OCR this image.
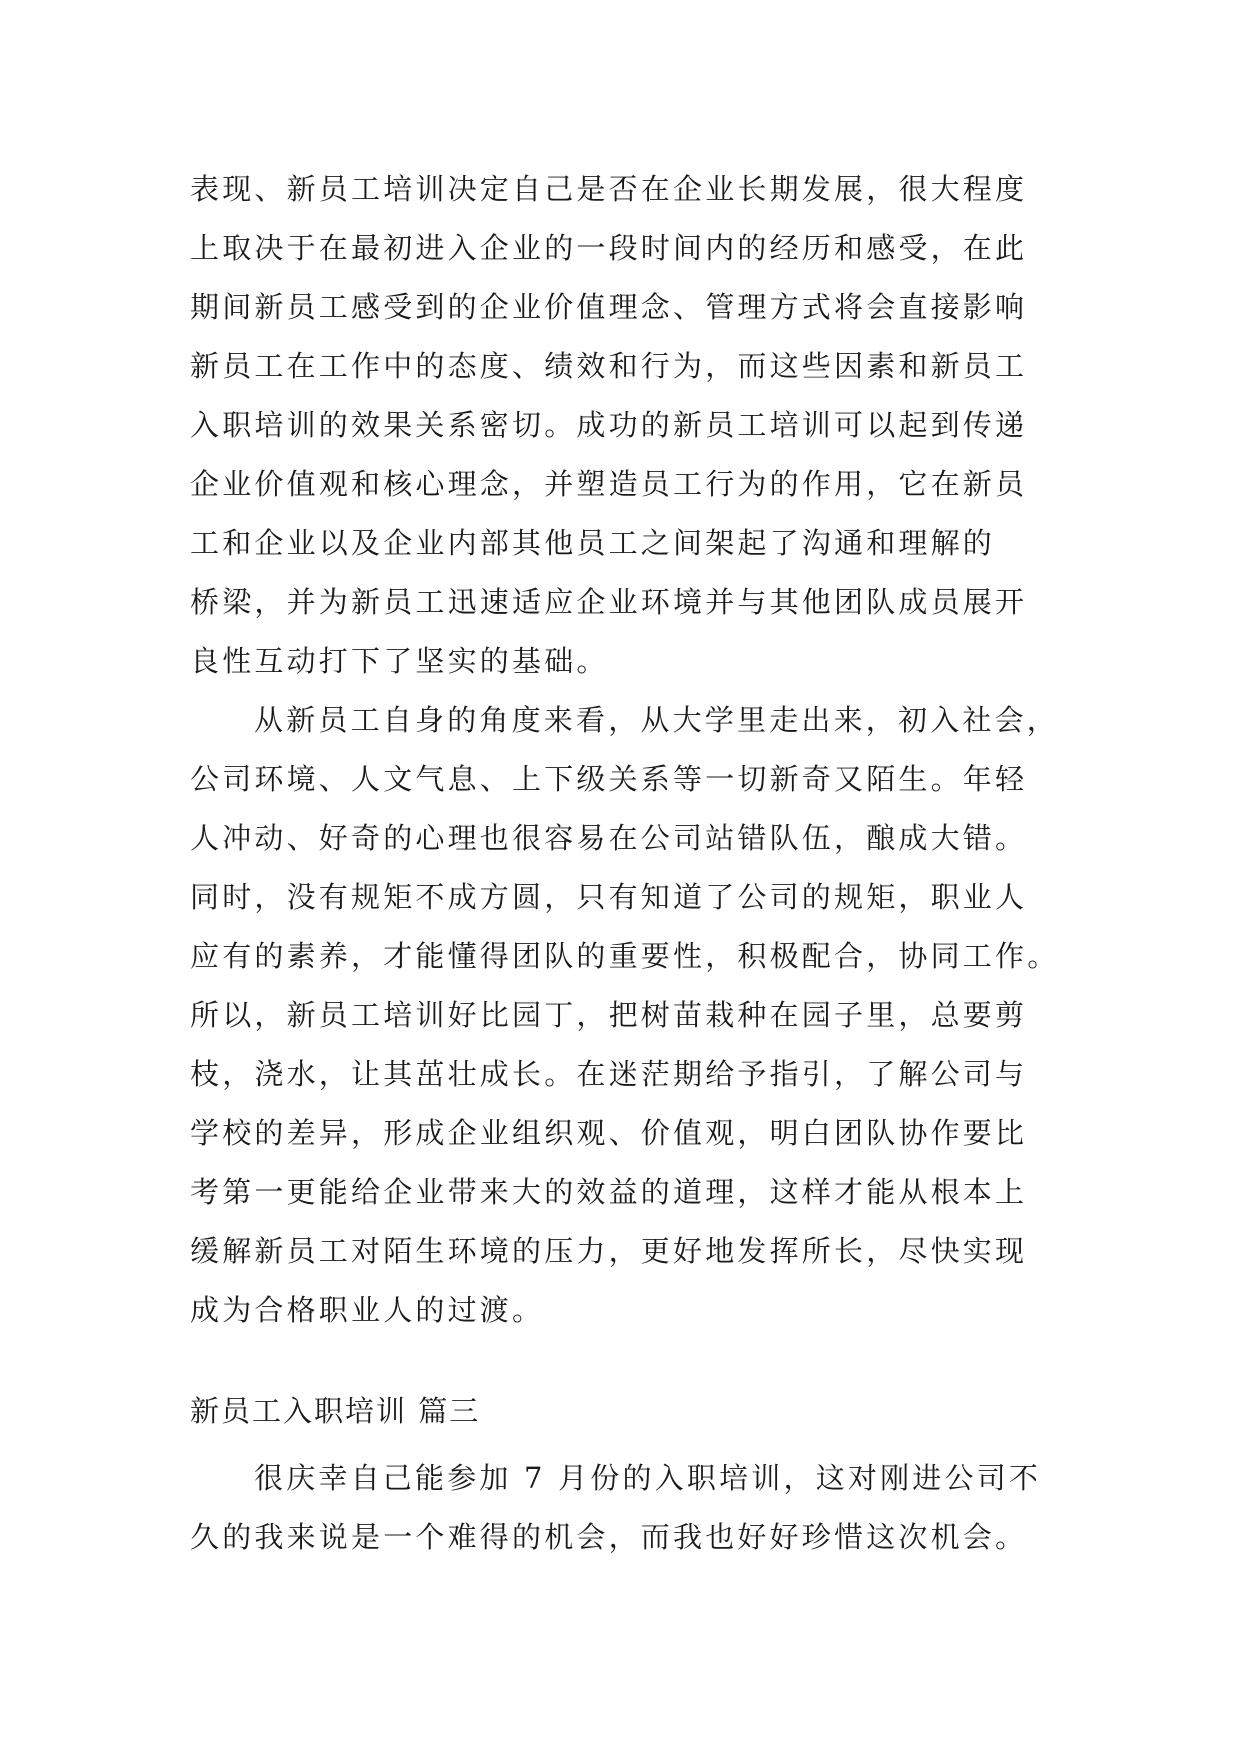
表现、新员工培训决定自己是否在企业长期发展，很大程度
上取决于在最初进入企业的一段时间内的经历和感受，在此
期间新员工感受到的企业价值理念、管理方式将会直接影响
新员工在工作中的态度、绩效和行为，而这些因素和新员工
入职培训的效果关系密切。成功的新员工培训可以起到传递
企业价值观和核心理念，并塑造员工行为的作用，它在新员
工和企业以及企业内部其他员工之间架起了沟通和理解的
桥梁，并为新员工迅速适应企业环境并与其他团队成员展开
良性互动打下了坚实的基础。
从新员工自身的角度来看，从大学里走出来，初入社会，
公司环境、人文气息、上下级关系等一切新奇又陌生。年轻
人冲动、好奇的心理也很容易在公司站错队伍，酿成大错。
同时，没有规矩不成方圆，只有知道了公司的规矩，职业人
应有的素养，才能懂得团队的重要性，积极配合，协同工作。
所以，新员工培训好比园丁，把树苗栽种在园子里，总要剪
枝，浇水，让其茁壮成长。在迷茫期给予指引，了解公司与
学校的差异，形成企业组织观、价值观，明白团队协作要比
考第一更能给企业带来大的效益的道理，这样才能从根本上
缓解新员工对陌生环境的压力，更好地发挥所长，尽快实现
成为合格职业人的过渡。
新员工入职培训 篇三
很庆幸自己能参加 7 月份的入职培训，这对刚进公司不
久的我来说是一个难得的机会，而我也好好珍惜这次机会。
